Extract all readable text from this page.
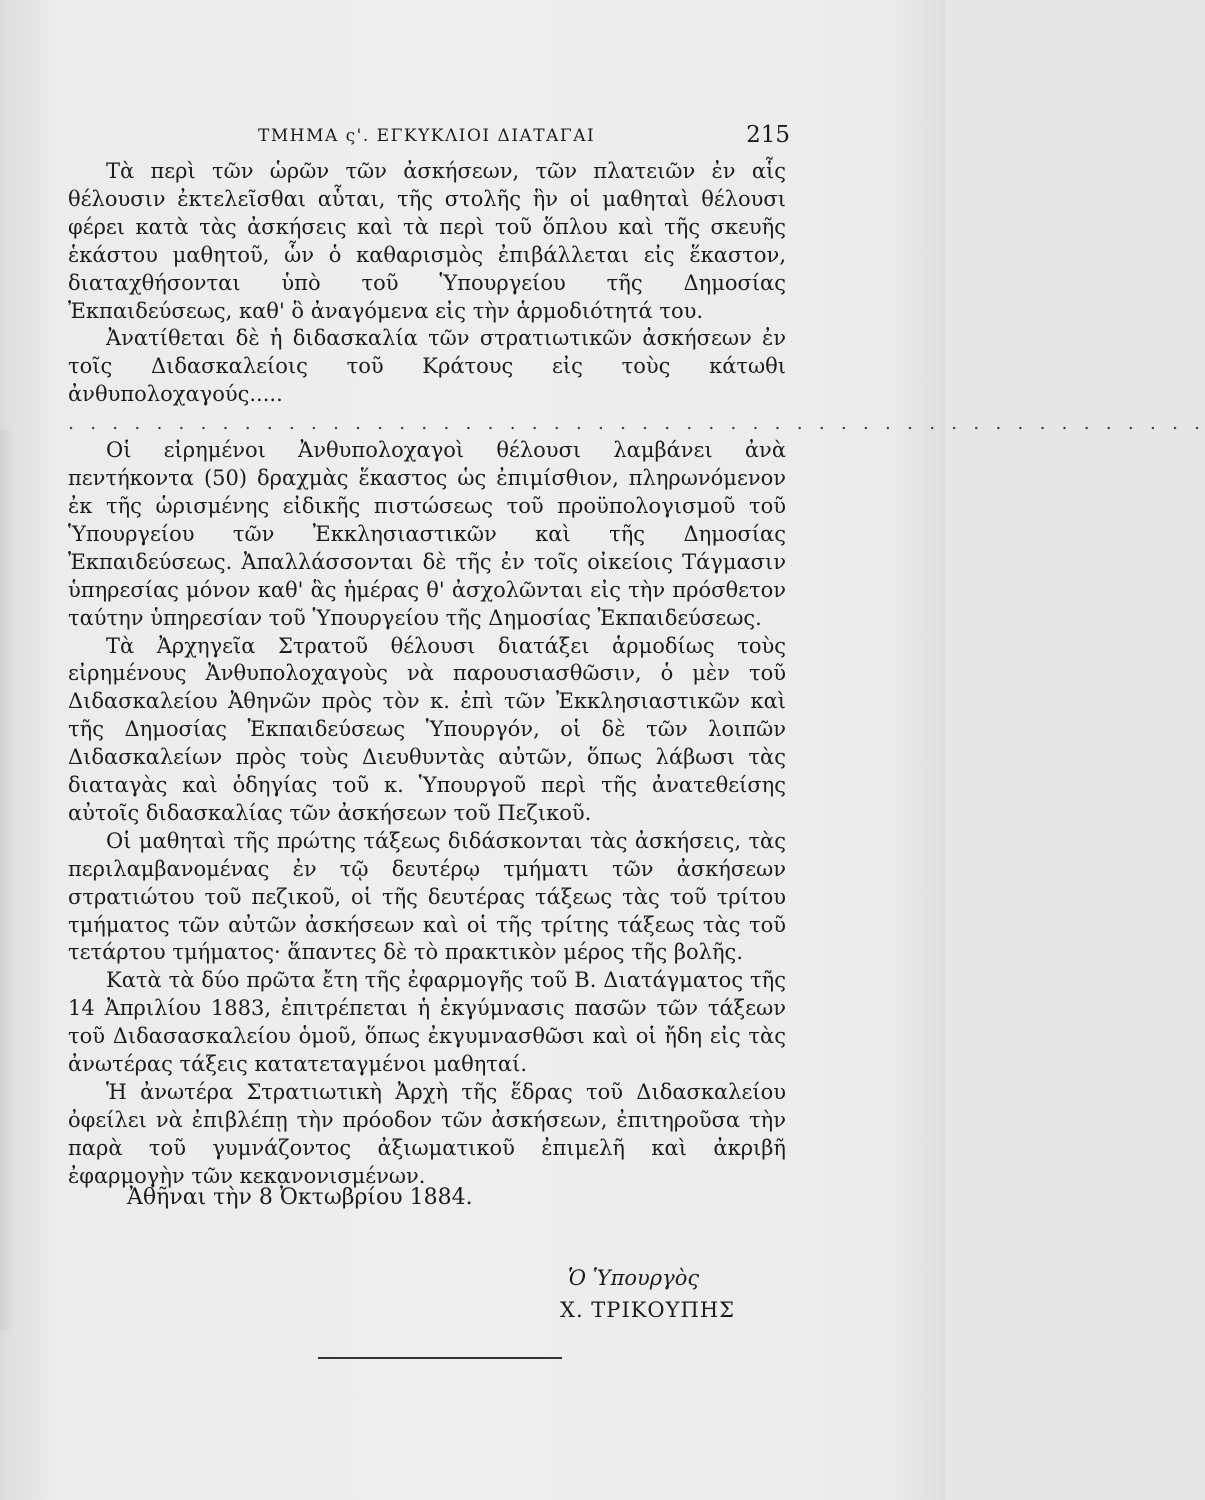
ΤΜΗΜΑ ς'. ΕΓΚΥΚΛΙΟΙ ΔΙΑΤΑΓΑΙ	215

Τὰ περὶ τῶν ὡρῶν τῶν ἀσκήσεων, τῶν πλατειῶν ἐν αἷς θέλουσιν ἐκτελεῖσθαι αὗται, τῆς στολῆς ἣν οἱ μαθηταὶ θέλουσι φέρει κατὰ τὰς ἀσκήσεις καὶ τὰ περὶ τοῦ ὅπλου καὶ τῆς σκευῆς ἑκάστου μαθητοῦ, ὧν ὁ καθαρισμὸς ἐπιβάλλεται εἰς ἕκαστον, διαταχθήσονται ὑπὸ τοῦ Ὑπουργείου τῆς Δημοσίας Ἐκπαιδεύσεως, καθ' ὃ ἀναγόμενα εἰς τὴν ἁρμοδιότητά του.

Ἀνατίθεται δὲ ἡ διδασκαλία τῶν στρατιωτικῶν ἀσκήσεων ἐν τοῖς Διδασκαλείοις τοῦ Κράτους εἰς τοὺς κάτωθι ἀνθυπολοχαγούς.....

. . . . . . . . . . . . . . . . . . . . . . . . . . . . . . . . . . . . . . . . . . . . . . . . . . . .

Οἱ εἰρημένοι Ἀνθυπολοχαγοὶ θέλουσι λαμβάνει ἀνὰ πεντήκοντα (50) δραχμὰς ἕκαστος ὡς ἐπιμίσθιον, πληρωνόμενον ἐκ τῆς ὡρισμένης εἰδικῆς πιστώσεως τοῦ προϋπολογισμοῦ τοῦ Ὑπουργείου τῶν Ἐκκλησιαστικῶν καὶ τῆς Δημοσίας Ἐκπαιδεύσεως. Ἀπαλλάσσονται δὲ τῆς ἐν τοῖς οἰκείοις Τάγμασιν ὑπηρεσίας μόνον καθ' ἃς ἡμέρας θ' ἀσχολῶνται εἰς τὴν πρόσθετον ταύτην ὑπηρεσίαν τοῦ Ὑπουργείου τῆς Δημοσίας Ἐκπαιδεύσεως.

Τὰ Ἀρχηγεῖα Στρατοῦ θέλουσι διατάξει ἁρμοδίως τοὺς εἰρημένους Ἀνθυπολοχαγοὺς νὰ παρουσιασθῶσιν, ὁ μὲν τοῦ Διδασκαλείου Ἀθηνῶν πρὸς τὸν κ. ἐπὶ τῶν Ἐκκλησιαστικῶν καὶ τῆς Δημοσίας Ἐκπαιδεύσεως Ὑπουργόν, οἱ δὲ τῶν λοιπῶν Διδασκαλείων πρὸς τοὺς Διευθυντὰς αὐτῶν, ὅπως λάβωσι τὰς διαταγὰς καὶ ὁδηγίας τοῦ κ. Ὑπουργοῦ περὶ τῆς ἀνατεθείσης αὐτοῖς διδασκαλίας τῶν ἀσκήσεων τοῦ Πεζικοῦ.

Οἱ μαθηταὶ τῆς πρώτης τάξεως διδάσκονται τὰς ἀσκήσεις, τὰς περιλαμβανομένας ἐν τῷ δευτέρῳ τμήματι τῶν ἀσκήσεων στρατιώτου τοῦ πεζικοῦ, οἱ τῆς δευτέρας τάξεως τὰς τοῦ τρίτου τμήματος τῶν αὐτῶν ἀσκήσεων καὶ οἱ τῆς τρίτης τάξεως τὰς τοῦ τετάρτου τμήματος· ἅπαντες δὲ τὸ πρακτικὸν μέρος τῆς βολῆς.

Κατὰ τὰ δύο πρῶτα ἔτη τῆς ἐφαρμογῆς τοῦ Β. Διατάγματος τῆς 14 Ἀπριλίου 1883, ἐπιτρέπεται ἡ ἐκγύμνασις πασῶν τῶν τάξεων τοῦ Διδασασκαλείου ὁμοῦ, ὅπως ἐκγυμνασθῶσι καὶ οἱ ἤδη εἰς τὰς ἀνωτέρας τάξεις κατατεταγμένοι μαθηταί.

Ἡ ἀνωτέρα Στρατιωτικὴ Ἀρχὴ τῆς ἕδρας τοῦ Διδασκαλείου ὀφείλει νὰ ἐπιβλέπῃ τὴν πρόοδον τῶν ἀσκήσεων, ἐπιτηροῦσα τὴν παρὰ τοῦ γυμνάζοντος ἀξιωματικοῦ ἐπιμελῆ καὶ ἀκριβῆ ἐφαρμογὴν τῶν κεκανονισμένων.

Ἀθῆναι τὴν 8 Ὀκτωβρίου 1884.
Ὁ Ὑπουργὸς
Χ. ΤΡΙΚΟΥΠΗΣ
